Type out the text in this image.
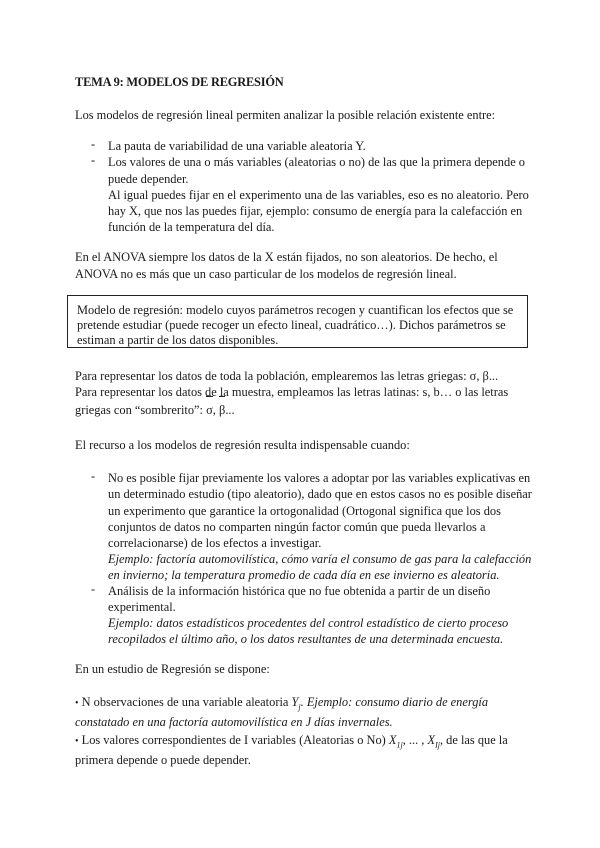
TEMA 9: MODELOS DE REGRESIÓN

Los modelos de regresión lineal permiten analizar la posible relación existente entre:

- La pauta de variabilidad de una variable aleatoria Y.

- Los valores de una o más variables (aleatorias o no) de las que la primera depende o

puede depender.

Al igual puedes fijar en el experimento una de las variables, eso es no aleatorio. Pero

hay X, que nos las puedes fijar, ejemplo: consumo de energía para la calefacción en

función de la temperatura del día.

En el ANOVA siempre los datos de la X están fijados, no son aleatorios. De hecho, el

ANOVA no es más que un caso particular de los modelos de regresión lineal.

Modelo de regresión: modelo cuyos parámetros recogen y cuantifican los efectos que se

pretende estudiar (puede recoger un efecto lineal, cuadrático…). Dichos parámetros se

estiman a partir de los datos disponibles.

Para representar los datos de toda la población, emplearemos las letras griegas: σ, β...

Para representar los datos de la muestra, empleamos las letras latinas: s, b… o las letras

griegas con “sombrerito”: σ, β...

El recurso a los modelos de regresión resulta indispensable cuando:

- No es posible fijar previamente los valores a adoptar por las variables explicativas en

un determinado estudio (tipo aleatorio), dado que en estos casos no es posible diseñar

un experimento que garantice la ortogonalidad (Ortogonal significa que los dos

conjuntos de datos no comparten ningún factor común que pueda llevarlos a

correlacionarse) de los efectos a investigar.

Ejemplo: factoría automovilística, cómo varía el consumo de gas para la calefacción

en invierno; la temperatura promedio de cada día en ese invierno es aleatoria.

- Análisis de la información histórica que no fue obtenida a partir de un diseño

experimental.

Ejemplo: datos estadísticos procedentes del control estadístico de cierto proceso

recopilados el último año, o los datos resultantes de una determinada encuesta.

En un estudio de Regresión se dispone:

• N observaciones de una variable aleatoria $Y_j$. Ejemplo: consumo diario de energía

constatado en una factoría automovilística en J días invernales.

• Los valores correspondientes de I variables (Aleatorias o No) $X_{1j}$, ... , $X_{Ij}$, de las que la

primera depende o puede depender.
